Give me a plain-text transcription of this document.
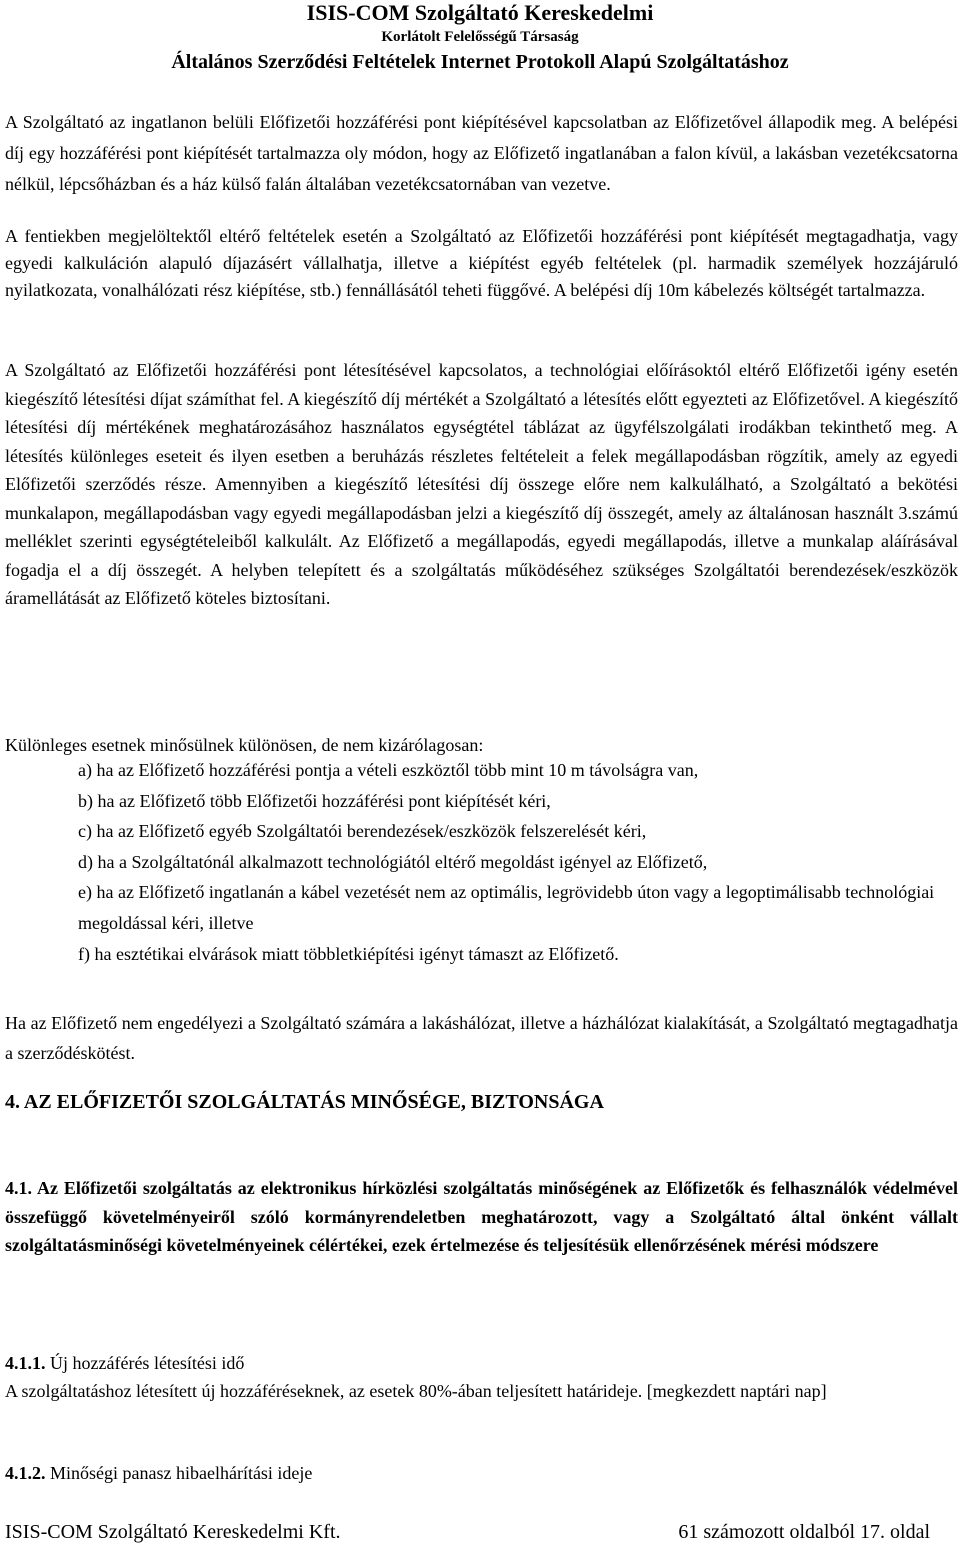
ISIS-COM Szolgáltató Kereskedelmi
Korlátolt Felelősségű Társaság
Általános Szerződési Feltételek Internet Protokoll Alapú Szolgáltatáshoz
A Szolgáltató az ingatlanon belüli Előfizetői hozzáférési pont kiépítésével kapcsolatban az Előfizetővel állapodik meg. A belépési díj egy hozzáférési pont kiépítését tartalmazza oly módon, hogy az Előfizető ingatlanában a falon kívül, a lakásban vezetékcsatorna nélkül, lépcsőházban és a ház külső falán általában vezetékcsatornában van vezetve.
A fentiekben megjelöltektől eltérő feltételek esetén a Szolgáltató az Előfizetői hozzáférési pont kiépítését megtagadhatja, vagy egyedi kalkuláción alapuló díjazásért vállalhatja, illetve a kiépítést egyéb feltételek (pl. harmadik személyek hozzájáruló nyilatkozata, vonalhálózati rész kiépítése, stb.) fennállásától teheti függővé. A belépési díj 10m kábelezés költségét tartalmazza.
A Szolgáltató az Előfizetői hozzáférési pont létesítésével kapcsolatos, a technológiai előírásoktól eltérő Előfizetői igény esetén kiegészítő létesítési díjat számíthat fel. A kiegészítő díj mértékét a Szolgáltató a létesítés előtt egyezteti az Előfizetővel. A kiegészítő létesítési díj mértékének meghatározásához használatos egységtétel táblázat az ügyfélszolgálati irodákban tekinthető meg. A létesítés különleges eseteit és ilyen esetben a beruházás részletes feltételeit a felek megállapodásban rögzítik, amely az egyedi Előfizetői szerződés része. Amennyiben a kiegészítő létesítési díj összege előre nem kalkulálható, a Szolgáltató a bekötési munkalapon, megállapodásban vagy egyedi megállapodásban jelzi a kiegészítő díj összegét, amely az általánosan használt 3.számú melléklet szerinti egységtételeiből kalkulált. Az Előfizető a megállapodás, egyedi megállapodás, illetve a munkalap aláírásával fogadja el a díj összegét. A helyben telepített és a szolgáltatás működéséhez szükséges Szolgáltatói berendezések/eszközök áramellátását az Előfizető köteles biztosítani.
Különleges esetnek minősülnek különösen, de nem kizárólagosan:
a) ha az Előfizető hozzáférési pontja a vételi eszköztől több mint 10 m távolságra van,
b) ha az Előfizető több Előfizetői hozzáférési pont kiépítését kéri,
c) ha az Előfizető egyéb Szolgáltatói berendezések/eszközök felszerelését kéri,
d) ha a Szolgáltatónál alkalmazott technológiától eltérő megoldást igényel az Előfizető,
e) ha az Előfizető ingatlanán a kábel vezetését nem az optimális, legrövidebb úton vagy a legoptimálisabb technológiai megoldással kéri, illetve
f) ha esztétikai elvárások miatt többletkiépítési igényt támaszt az Előfizető.
Ha az Előfizető nem engedélyezi a Szolgáltató számára a lakáshálózat, illetve a házhálózat kialakítását, a Szolgáltató megtagadhatja a szerződéskötést.
4. AZ ELŐFIZETŐI SZOLGÁLTATÁS MINŐSÉGE, BIZTONSÁGA
4.1. Az Előfizetői szolgáltatás az elektronikus hírközlési szolgáltatás minőségének az Előfizetők és felhasználók védelmével összefüggő követelményeiről szóló kormányrendeletben meghatározott, vagy a Szolgáltató által önként vállalt szolgáltatásminőségi követelményeinek célértékei, ezek értelmezése és teljesítésük ellenőrzésének mérési módszere
4.1.1. Új hozzáférés létesítési idő
A szolgáltatáshoz létesített új hozzáféréseknek, az esetek 80%-ában teljesített határideje. [megkezdett naptári nap]
4.1.2. Minőségi panasz hibaelhárítási ideje
ISIS-COM Szolgáltató Kereskedelmi Kft.	61 számozott oldalból 17. oldal
